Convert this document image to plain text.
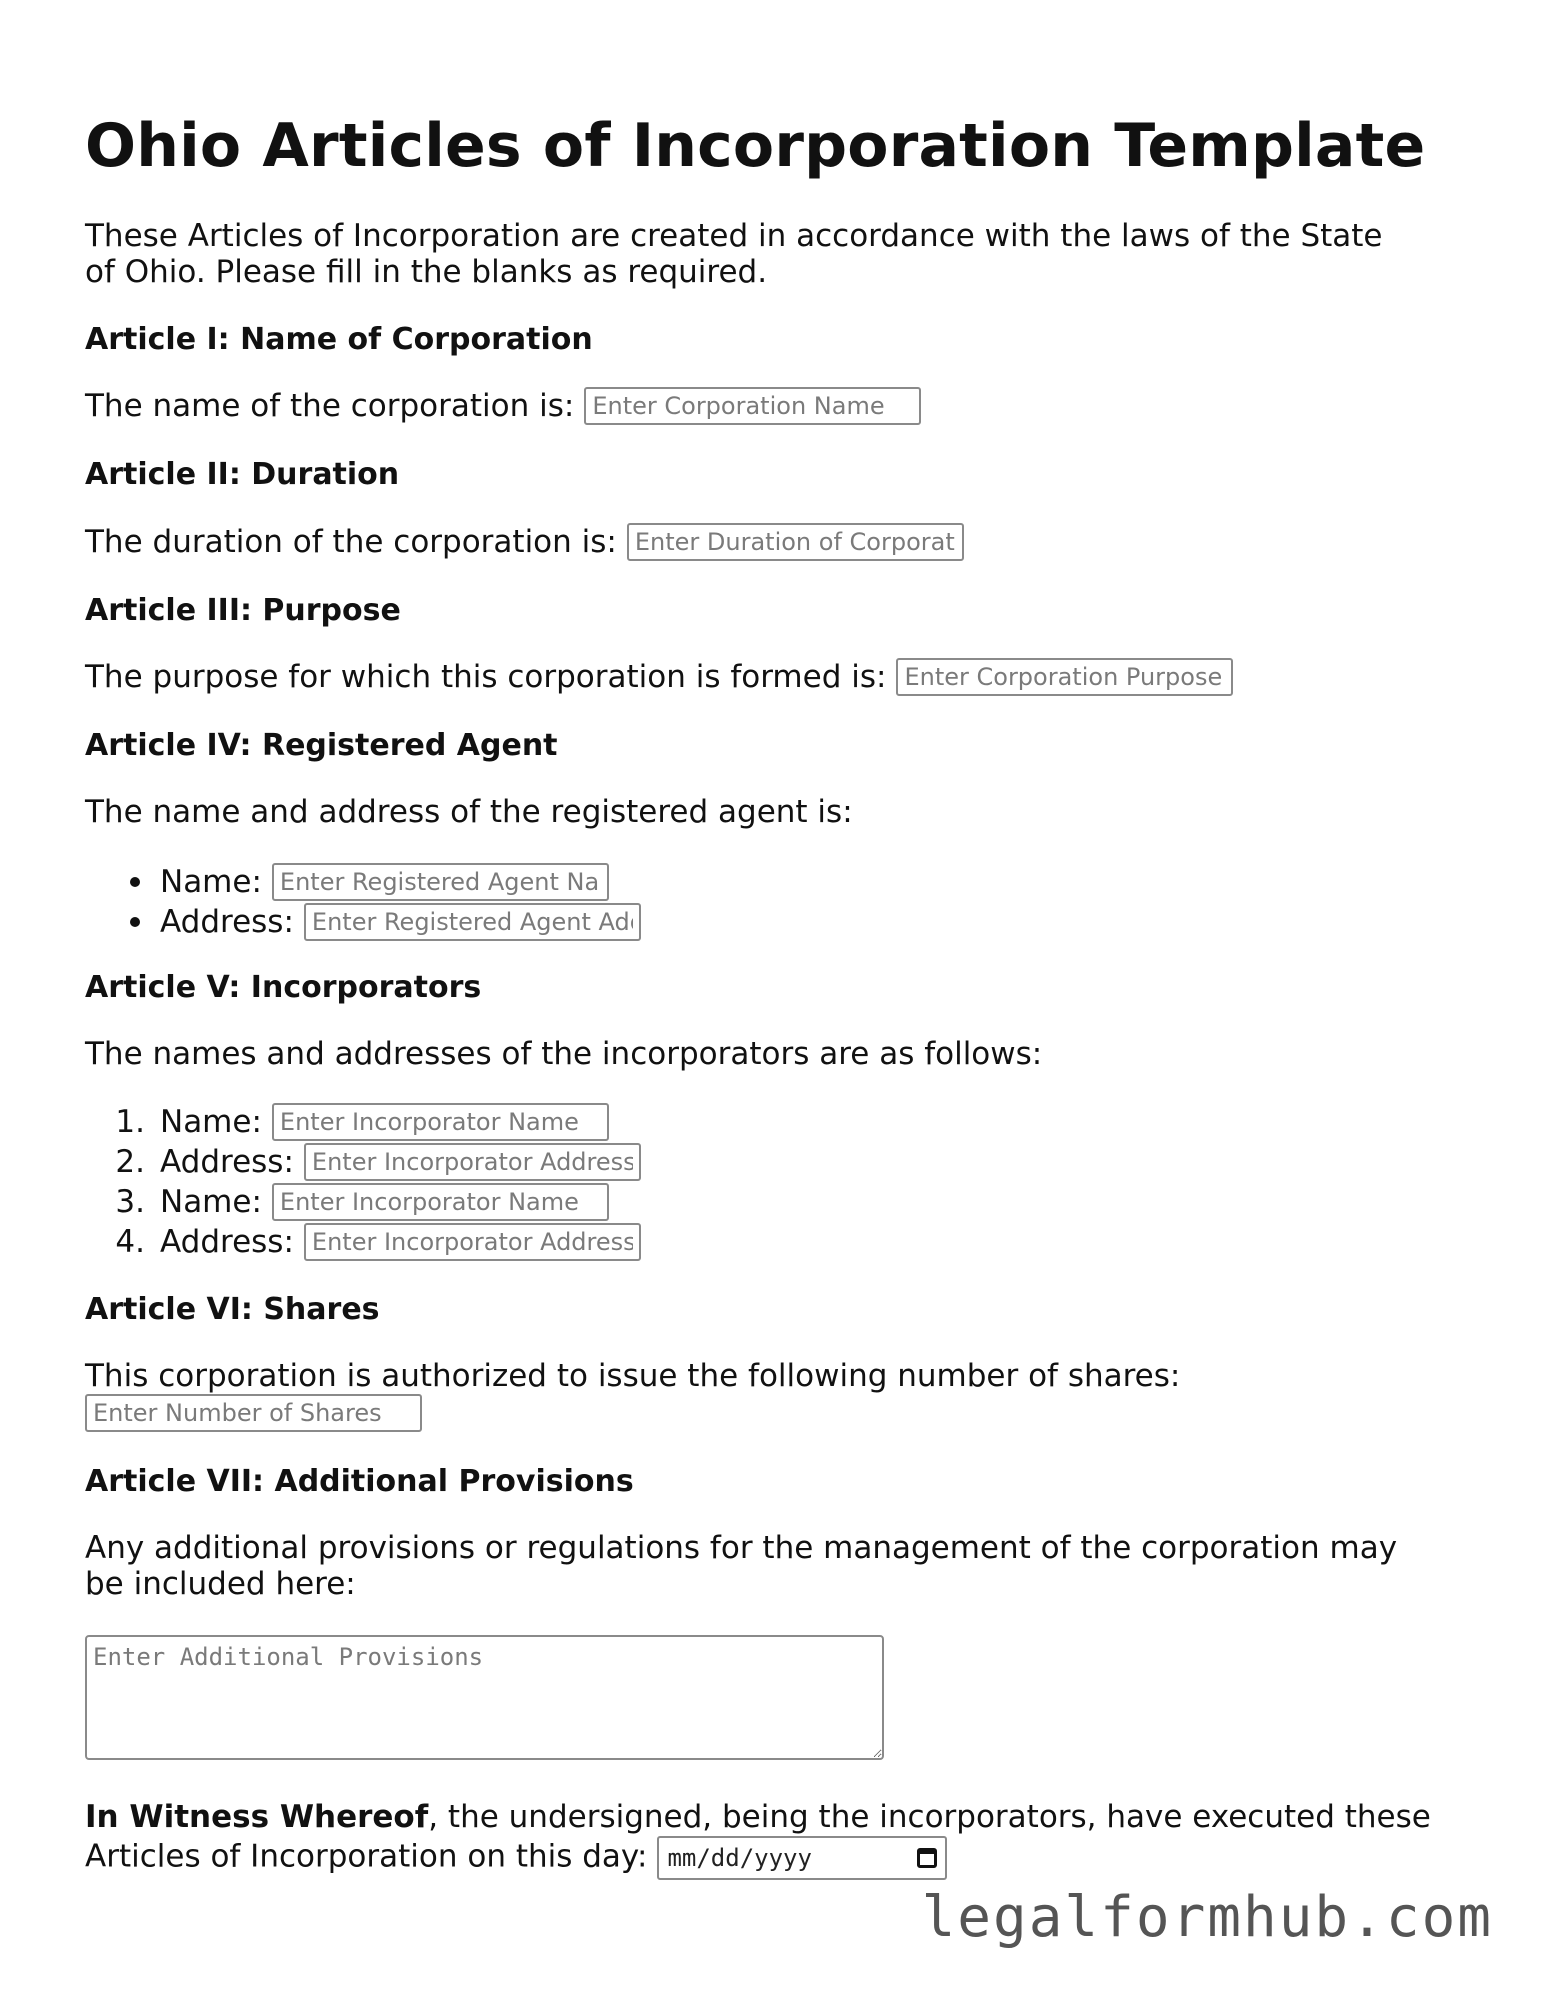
Ohio Articles of Incorporation Template

These Articles of Incorporation are created in accordance with the laws of the State of Ohio. Please fill in the blanks as required.

Article I: Name of Corporation

The name of the corporation is:
Enter Corporation Name

Article II: Duration

The duration of the corporation is:
Enter Duration of Corporation

Article III: Purpose

The purpose for which this corporation is formed is:
Enter Corporation Purpose

Article IV: Registered Agent

The name and address of the registered agent is:

Name:
Enter Registered Agent Name
Address:
Enter Registered Agent Address

Article V: Incorporators

The names and addresses of the incorporators are as follows:

1. Name:
Enter Incorporator Name
2. Address:
Enter Incorporator Address
3. Name:
Enter Incorporator Name
4. Address:
Enter Incorporator Address

Article VI: Shares

This corporation is authorized to issue the following number of shares:

Enter Number of Shares

Article VII: Additional Provisions

Any additional provisions or regulations for the management of the corporation may be included here:

Enter Additional Provisions

In Witness Whereof, the undersigned, being the incorporators, have executed these Articles of Incorporation on this day: mm/dd/yyyy

legalformhub.com
